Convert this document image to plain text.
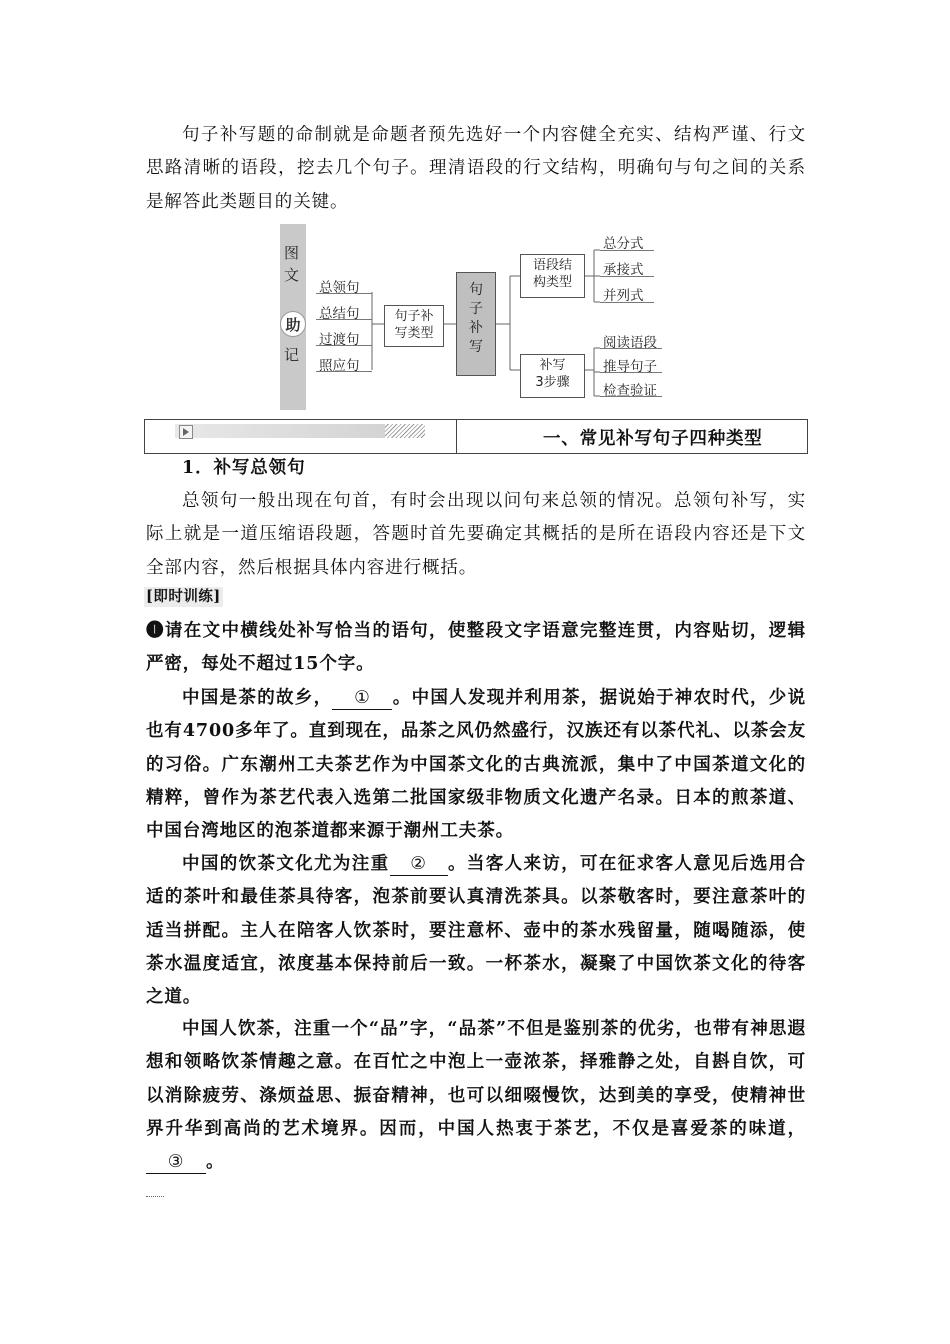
句子补写题的命制就是命题者预先选好一个内容健全充实、结构严谨、行文思路清晰的语段，挖去几个句子。理清语段的行文结构，明确句与句之间的关系是解答此类题目的关键。

图
文
助
记
总领句
总结句
过渡句
照应句
句子补
写类型
句
子
补
写
语段结
构类型
总分式
承接式
并列式
补写
3步骤
阅读语段
推导句子
检查验证
一、常见补写句子四种类型
1．补写总领句

总领句一般出现在句首，有时会出现以问句来总领的情况。总领句补写，实际上就是一道压缩语段题，答题时首先要确定其概括的是所在语段内容还是下文全部内容，然后根据具体内容进行概括。

[即时训练]

❶请在文中横线处补写恰当的语句，使整段文字语意完整连贯，内容贴切，逻辑严密，每处不超过15个字。

中国是茶的故乡， ① 。中国人发现并利用茶，据说始于神农时代，少说也有4700多年了。直到现在，品茶之风仍然盛行，汉族还有以茶代礼、以茶会友的习俗。广东潮州工夫茶艺作为中国茶文化的古典流派，集中了中国茶道文化的精粹，曾作为茶艺代表入选第二批国家级非物质文化遗产名录。日本的煎茶道、中国台湾地区的泡茶道都来源于潮州工夫茶。

中国的饮茶文化尤为注重 ② 。当客人来访，可在征求客人意见后选用合适的茶叶和最佳茶具待客，泡茶前要认真清洗茶具。以茶敬客时，要注意茶叶的适当拼配。主人在陪客人饮茶时，要注意杯、壶中的茶水残留量，随喝随添，使茶水温度适宜，浓度基本保持前后一致。一杯茶水，凝聚了中国饮茶文化的待客之道。

中国人饮茶，注重一个“品”字，“品茶”不但是鉴别茶的优劣，也带有神思遐想和领略饮茶情趣之意。在百忙之中泡上一壶浓茶，择雅静之处，自斟自饮，可以消除疲劳、涤烦益思、振奋精神，也可以细啜慢饮，达到美的享受，使精神世界升华到高尚的艺术境界。因而，中国人热衷于茶艺，不仅是喜爱茶的味道，③ 。
